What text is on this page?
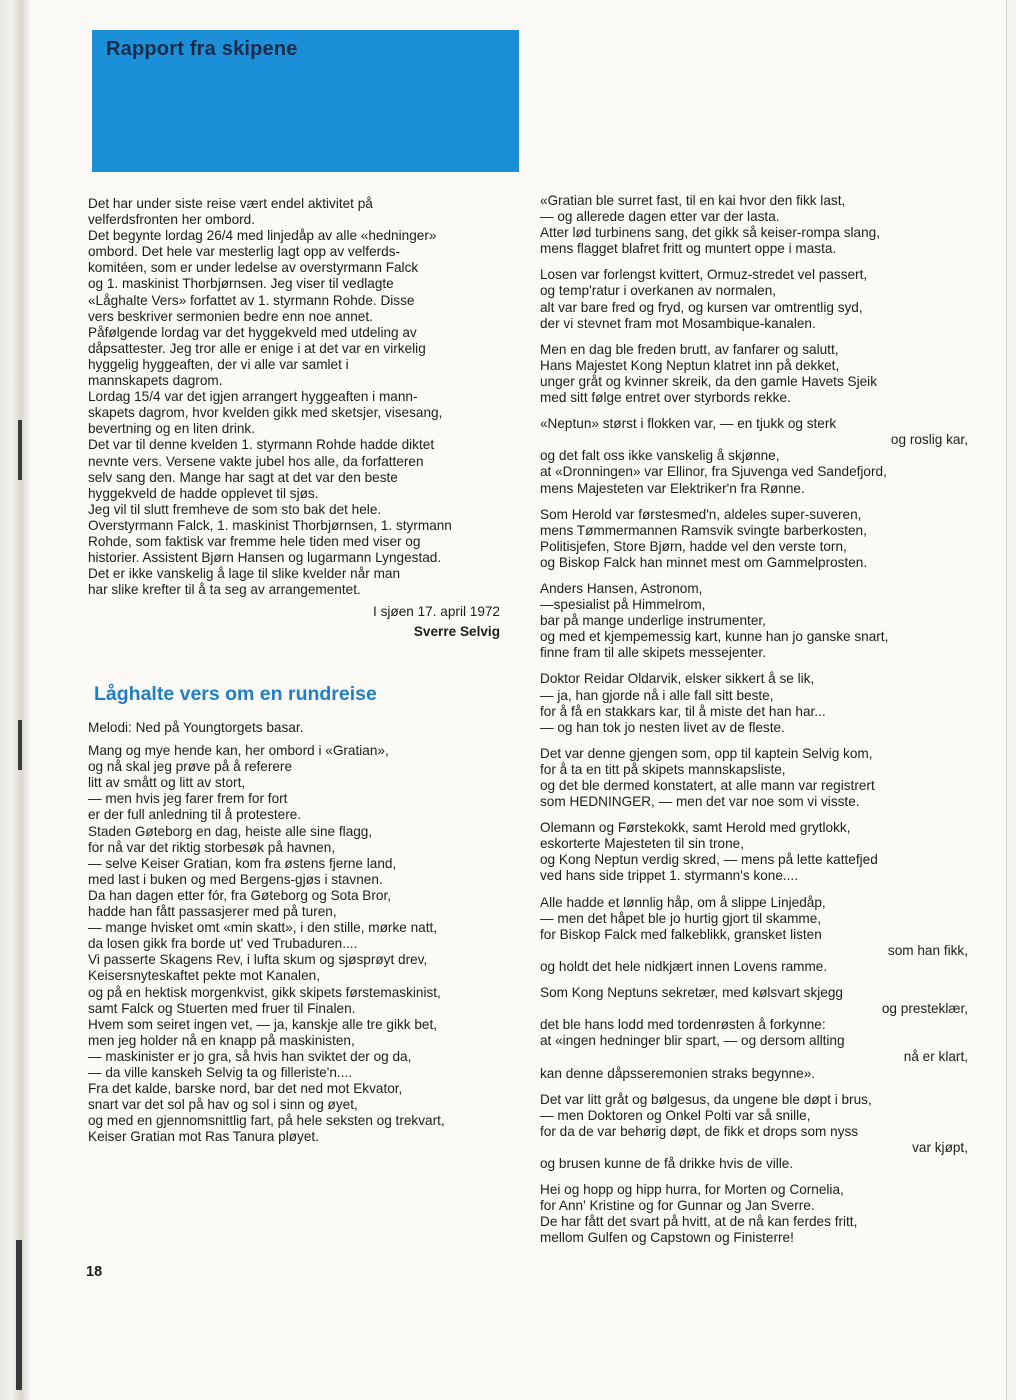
Rapport fra skipene

Det har under siste reise vært endel aktivitet på
velferdsfronten her ombord.
Det begynte lordag 26/4 med linjedåp av alle «hedninger»
ombord. Det hele var mesterlig lagt opp av velferds-
komitéen, som er under ledelse av overstyrmann Falck
og 1. maskinist Thorbjørnsen. Jeg viser til vedlagte
«Låghalte Vers» forfattet av 1. styrmann Rohde. Disse
vers beskriver sermonien bedre enn noe annet.
Påfølgende lordag var det hyggekveld med utdeling av
dåpsattester. Jeg tror alle er enige i at det var en virkelig
hyggelig hyggeaften, der vi alle var samlet i
mannskapets dagrom.
Lordag 15/4 var det igjen arrangert hyggeaften i mann-
skapets dagrom, hvor kvelden gikk med sketsjer, visesang,
bevertning og en liten drink.
Det var til denne kvelden 1. styrmann Rohde hadde diktet
nevnte vers. Versene vakte jubel hos alle, da forfatteren
selv sang den. Mange har sagt at det var den beste
hyggekveld de hadde opplevet til sjøs.
Jeg vil til slutt fremheve de som sto bak det hele.
Overstyrmann Falck, 1. maskinist Thorbjørnsen, 1. styrmann
Rohde, som faktisk var fremme hele tiden med viser og
historier. Assistent Bjørn Hansen og lugarmann Lyngestad.
Det er ikke vanskelig å lage til slike kvelder når man
har slike krefter til å ta seg av arrangementet.

I sjøen 17. april 1972
Sverre Selvig
Låghalte vers om en rundreise

Melodi: Ned på Youngtorgets basar.

Mang og mye hende kan, her ombord i «Gratian»,
og nå skal jeg prøve på å referere
litt av smått og litt av stort,
— men hvis jeg farer frem for fort
er der full anledning til å protestere.

Staden Gøteborg en dag, heiste alle sine flagg,
for nå var det riktig storbesøk på havnen,
— selve Keiser Gratian, kom fra østens fjerne land,
med last i buken og med Bergens-gjøs i stavnen.

Da han dagen etter fór, fra Gøteborg og Sota Bror,
hadde han fått passasjerer med på turen,
— mange hvisket omt «min skatt», i den stille, mørke natt,
da losen gikk fra borde ut' ved Trubaduren....

Vi passerte Skagens Rev, i lufta skum og sjøsprøyt drev,
Keisersnyteskaftet pekte mot Kanalen,
og på en hektisk morgenkvist, gikk skipets førstemaskinist,
samt Falck og Stuerten med fruer til Finalen.

Hvem som seiret ingen vet, — ja, kanskje alle tre gikk bet,
men jeg holder nå en knapp på maskinisten,
— maskinister er jo gra, så hvis han sviktet der og da,
— da ville kanskeh Selvig ta og filleriste'n....

Fra det kalde, barske nord, bar det ned mot Ekvator,
snart var det sol på hav og sol i sinn og øyet,
og med en gjennomsnittlig fart, på hele seksten og trekvart,
Keiser Gratian mot Ras Tanura pløyet.

«Gratian ble surret fast, til en kai hvor den fikk last,
— og allerede dagen etter var der lasta.
Atter lød turbinens sang, det gikk så keiser-rompa slang,
mens flagget blafret fritt og muntert oppe i masta.

Losen var forlengst kvittert, Ormuz-stredet vel passert,
og temp'ratur i overkanen av normalen,
alt var bare fred og fryd, og kursen var omtrentlig syd,
der vi stevnet fram mot Mosambique-kanalen.

Men en dag ble freden brutt, av fanfarer og salutt,
Hans Majestet Kong Neptun klatret inn på dekket,
unger gråt og kvinner skreik, da den gamle Havets Sjeik
med sitt følge entret over styrbords rekke.

«Neptun» størst i flokken var, — en tjukk og sterk

og roslig kar,

og det falt oss ikke vanskelig å skjønne,
at «Dronningen» var Ellinor, fra Sjuvenga ved Sandefjord,
mens Majesteten var Elektriker'n fra Rønne.

Som Herold var førstesmed'n, aldeles super-suveren,
mens Tømmermannen Ramsvik svingte barberkosten,
Politisjefen, Store Bjørn, hadde vel den verste torn,
og Biskop Falck han minnet mest om Gammelprosten.

Anders Hansen, Astronom,
—spesialist på Himmelrom,
bar på mange underlige instrumenter,
og med et kjempemessig kart, kunne han jo ganske snart,
finne fram til alle skipets messejenter.

Doktor Reidar Oldarvik, elsker sikkert å se lik,
— ja, han gjorde nå i alle fall sitt beste,
for å få en stakkars kar, til å miste det han har...
— og han tok jo nesten livet av de fleste.

Det var denne gjengen som, opp til kaptein Selvig kom,
for å ta en titt på skipets mannskapsliste,
og det ble dermed konstatert, at alle mann var registrert
som HEDNINGER, — men det var noe som vi visste.

Olemann og Førstekokk, samt Herold med grytlokk,
eskorterte Majesteten til sin trone,
og Kong Neptun verdig skred, — mens på lette kattefjed
ved hans side trippet 1. styrmann's kone....

Alle hadde et lønnlig håp, om å slippe Linjedåp,
— men det håpet ble jo hurtig gjort til skamme,
for Biskop Falck med falkeblikk, gransket listen

som han fikk,

og holdt det hele nidkjært innen Lovens ramme.

Som Kong Neptuns sekretær, med kølsvart skjegg

og presteklær,

det ble hans lodd med tordenrøsten å forkynne:
at «ingen hedninger blir spart, — og dersom allting

nå er klart,

kan denne dåpsseremonien straks begynne».

Det var litt gråt og bølgesus, da ungene ble døpt i brus,
— men Doktoren og Onkel Polti var så snille,
for da de var behørig døpt, de fikk et drops som nyss

var kjøpt,

og brusen kunne de få drikke hvis de ville.

Hei og hopp og hipp hurra, for Morten og Cornelia,
for Ann' Kristine og for Gunnar og Jan Sverre.
De har fått det svart på hvitt, at de nå kan ferdes fritt,
mellom Gulfen og Capstown og Finisterre!

18
